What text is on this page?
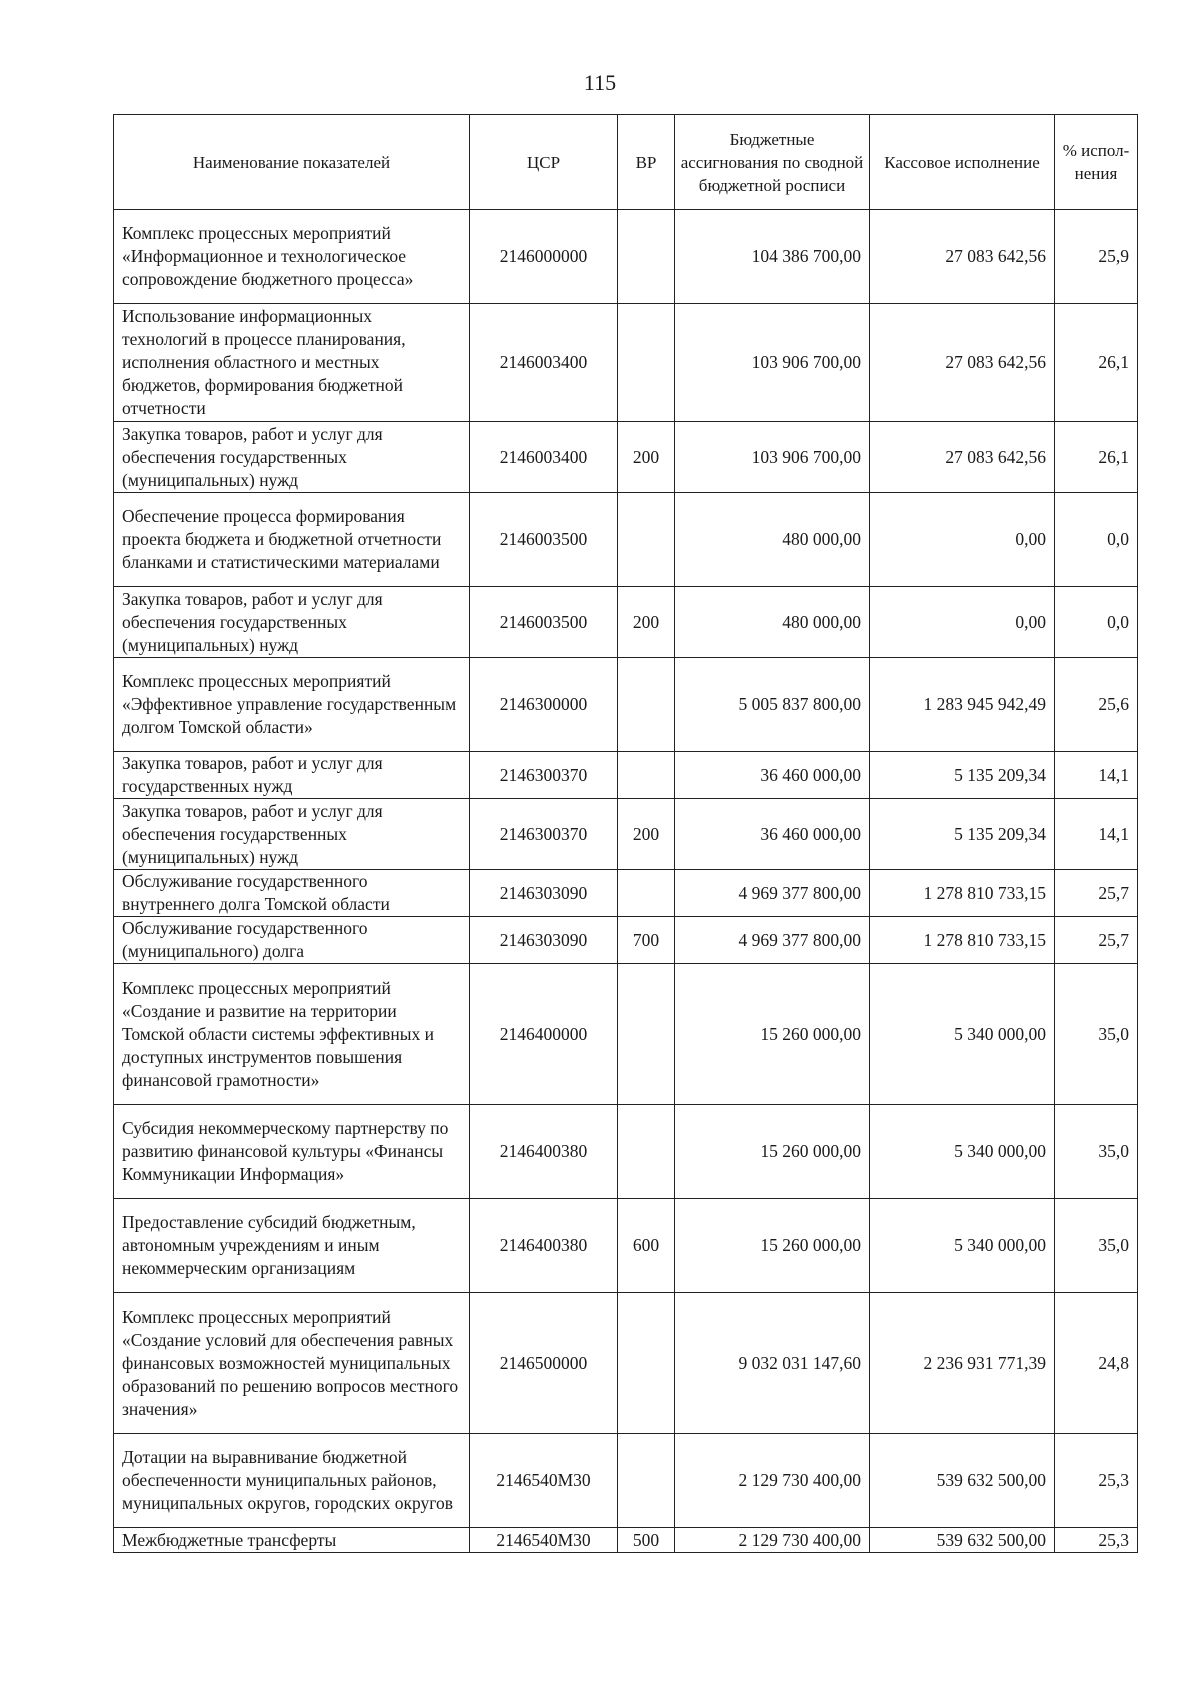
115
Наименование показателей	ЦСР	ВР	Бюджетные ассигнования по сводной бюджетной росписи	Кассовое исполнение	% испол-нения
Комплекс процессных мероприятий «Информационное и технологическое сопровождение бюджетного процесса»	2146000000		104 386 700,00	27 083 642,56	25,9
Использование информационных технологий в процессе планирования, исполнения областного и местных бюджетов, формирования бюджетной отчетности	2146003400		103 906 700,00	27 083 642,56	26,1
Закупка товаров, работ и услуг для обеспечения государственных (муниципальных) нужд	2146003400	200	103 906 700,00	27 083 642,56	26,1
Обеспечение процесса формирования проекта бюджета и бюджетной отчетности бланками и статистическими материалами	2146003500		480 000,00	0,00	0,0
Закупка товаров, работ и услуг для обеспечения государственных (муниципальных) нужд	2146003500	200	480 000,00	0,00	0,0
Комплекс процессных мероприятий «Эффективное управление государственным долгом Томской области»	2146300000		5 005 837 800,00	1 283 945 942,49	25,6
Закупка товаров, работ и услуг для государственных нужд	2146300370		36 460 000,00	5 135 209,34	14,1
Закупка товаров, работ и услуг для обеспечения государственных (муниципальных) нужд	2146300370	200	36 460 000,00	5 135 209,34	14,1
Обслуживание государственного внутреннего долга Томской области	2146303090		4 969 377 800,00	1 278 810 733,15	25,7
Обслуживание государственного (муниципального) долга	2146303090	700	4 969 377 800,00	1 278 810 733,15	25,7
Комплекс процессных мероприятий «Создание и развитие на территории Томской области системы эффективных и доступных инструментов повышения финансовой грамотности»	2146400000		15 260 000,00	5 340 000,00	35,0
Субсидия некоммерческому партнерству по развитию финансовой культуры «Финансы Коммуникации Информация»	2146400380		15 260 000,00	5 340 000,00	35,0
Предоставление субсидий бюджетным, автономным учреждениям и иным некоммерческим организациям	2146400380	600	15 260 000,00	5 340 000,00	35,0
Комплекс процессных мероприятий «Создание условий для обеспечения равных финансовых возможностей муниципальных образований по решению вопросов местного значения»	2146500000		9 032 031 147,60	2 236 931 771,39	24,8
Дотации на выравнивание бюджетной обеспеченности муниципальных районов, муниципальных округов, городских округов	2146540М30		2 129 730 400,00	539 632 500,00	25,3
Межбюджетные трансферты	2146540М30	500	2 129 730 400,00	539 632 500,00	25,3
